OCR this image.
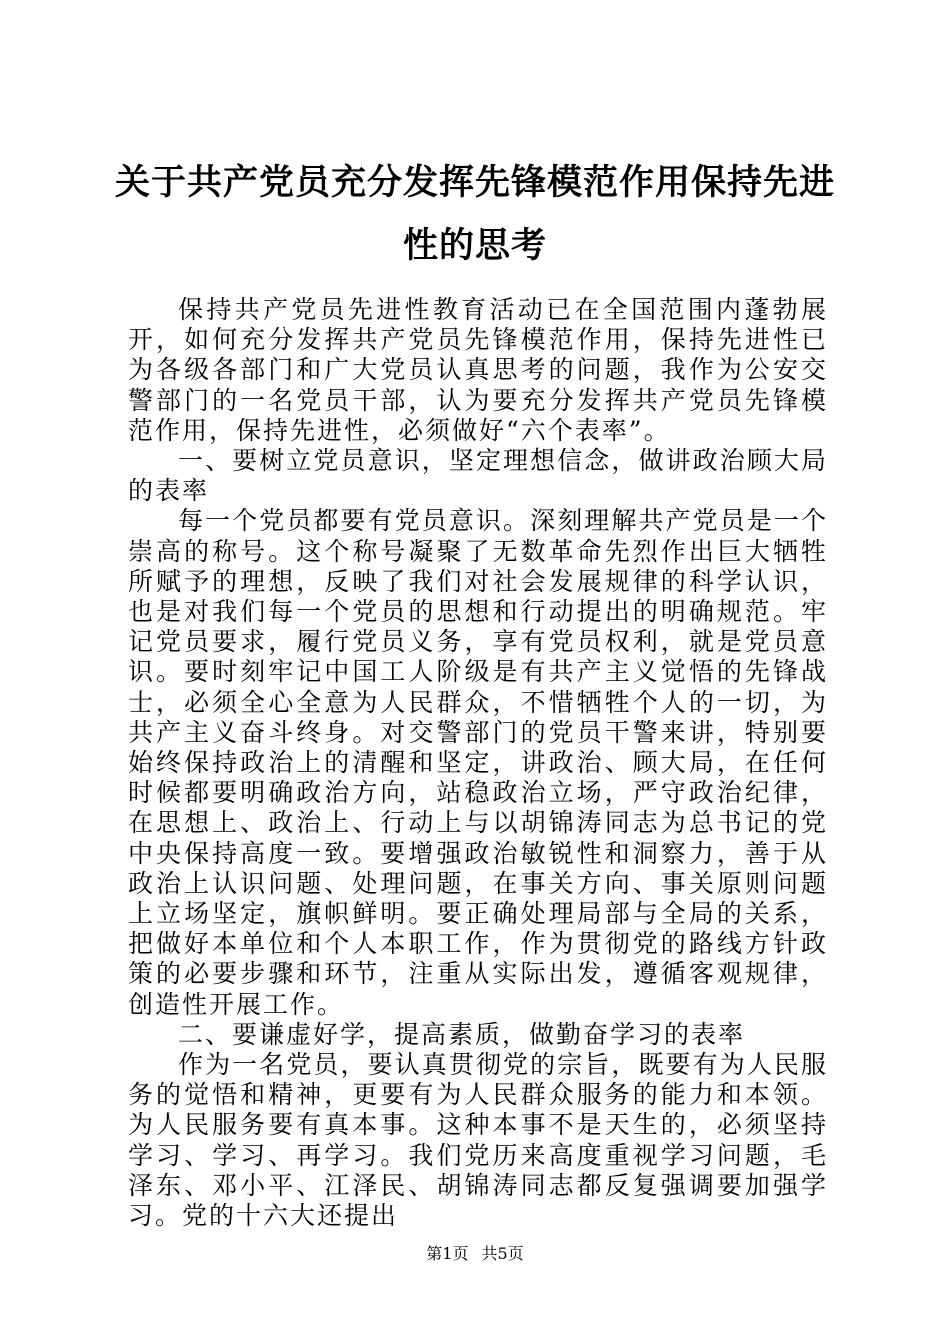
关于共产党员充分发挥先锋模范作用保持先进性的思考

保持共产党员先进性教育活动已在全国范围内蓬勃展开，如何充分发挥共产党员先锋模范作用，保持先进性已为各级各部门和广大党员认真思考的问题，我作为公安交警部门的一名党员干部，认为要充分发挥共产党员先锋模范作用，保持先进性，必须做好“六个表率”。

一、要树立党员意识，坚定理想信念，做讲政治顾大局的表率

每一个党员都要有党员意识。深刻理解共产党员是一个崇高的称号。这个称号凝聚了无数革命先烈作出巨大牺牲所赋予的理想，反映了我们对社会发展规律的科学认识，也是对我们每一个党员的思想和行动提出的明确规范。牢记党员要求，履行党员义务，享有党员权利，就是党员意识。要时刻牢记中国工人阶级是有共产主义觉悟的先锋战士，必须全心全意为人民群众，不惜牺牲个人的一切，为共产主义奋斗终身。对交警部门的党员干警来讲，特别要始终保持政治上的清醒和坚定，讲政治、顾大局，在任何时候都要明确政治方向，站稳政治立场，严守政治纪律，在思想上、政治上、行动上与以胡锦涛同志为总书记的党中央保持高度一致。要增强政治敏锐性和洞察力，善于从政治上认识问题、处理问题，在事关方向、事关原则问题上立场坚定，旗帜鲜明。要正确处理局部与全局的关系，把做好本单位和个人本职工作，作为贯彻党的路线方针政策的必要步骤和环节，注重从实际出发，遵循客观规律，创造性开展工作。

二、要谦虚好学，提高素质，做勤奋学习的表率

作为一名党员，要认真贯彻党的宗旨，既要有为人民服务的觉悟和精神，更要有为人民群众服务的能力和本领。为人民服务要有真本事。这种本事不是天生的，必须坚持学习、学习、再学习。我们党历来高度重视学习问题，毛泽东、邓小平、江泽民、胡锦涛同志都反复强调要加强学习。党的十六大还提出

第1页 共5页
